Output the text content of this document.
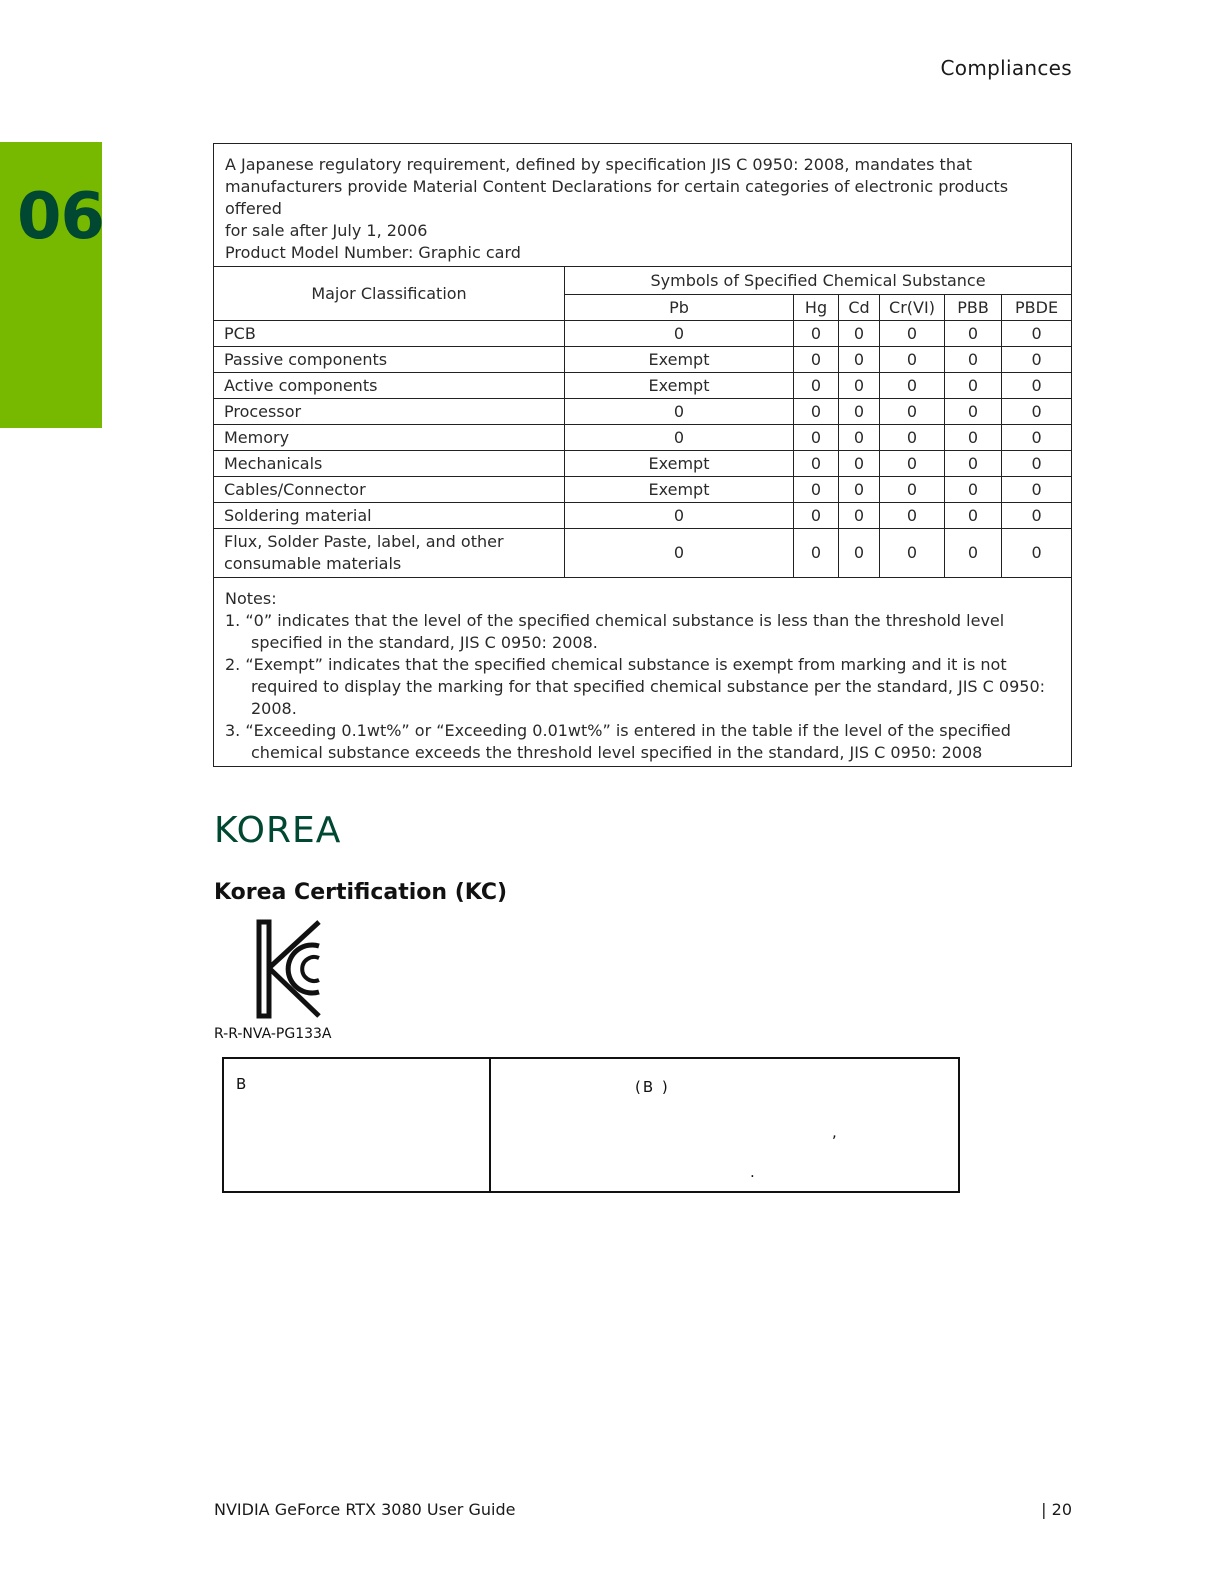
Compliances
06
A Japanese regulatory requirement, defined by specification JIS C 0950: 2008, mandates that
manufacturers provide Material Content Declarations for certain categories of electronic products offered
for sale after July 1, 2006
Product Model Number: Graphic card						

Major Classification	Symbols of Specified Chemical Substance					
	Pb	Hg	Cd	Cr(VI)	PBB	PBDE
PCB	0	0	0	0	0	0
Passive components	Exempt	0	0	0	0	0
Active components	Exempt	0	0	0	0	0
Processor	0	0	0	0	0	0
Memory	0	0	0	0	0	0
Mechanicals	Exempt	0	0	0	0	0
Cables/Connector	Exempt	0	0	0	0	0
Soldering material	0	0	0	0	0	0
Flux, Solder Paste, label, and other consumable materials	0	0	0	0	0	0

Notes:
1. “0” indicates that the level of the specified chemical substance is less than the threshold level specified in the standard, JIS C 0950: 2008.
2. “Exempt” indicates that the specified chemical substance is exempt from marking and it is not required to display the marking for that specified chemical substance per the standard, JIS C 0950: 2008.
3. “Exceeding 0.1wt%” or “Exceeding 0.01wt%” is entered in the table if the level of the specified chemical substance exceeds the threshold level specified in the standard, JIS C 0950: 2008						
KOREA
Korea Certification (KC)
R-R-NVA-PG133A
B	(B )
,
.
NVIDIA GeForce RTX 3080 User Guide	| 20
